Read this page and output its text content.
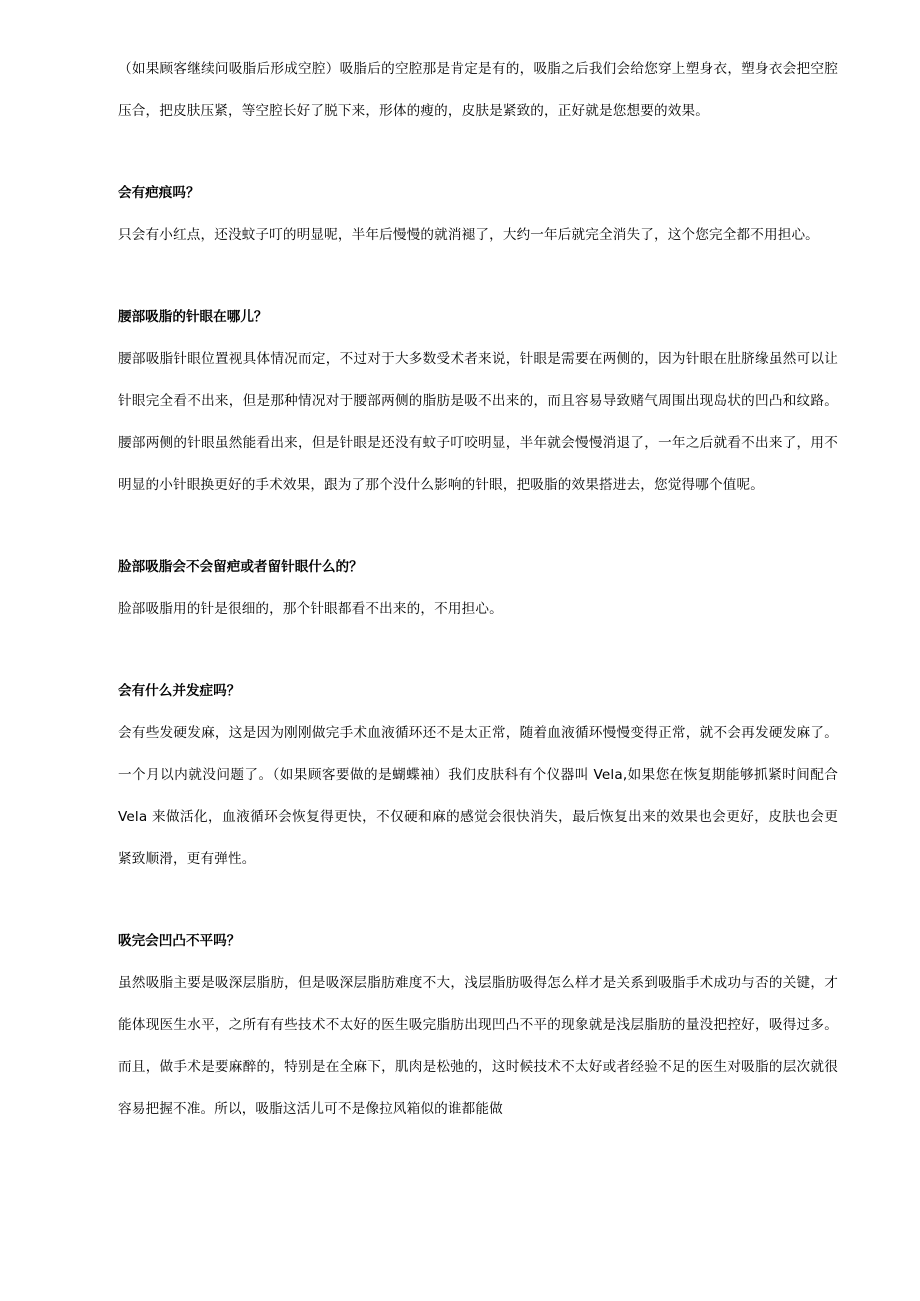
（如果顾客继续问吸脂后形成空腔）吸脂后的空腔那是肯定是有的，吸脂之后我们会给您穿上塑身衣，塑身衣会把空腔压合，把皮肤压紧，等空腔长好了脱下来，形体的瘦的，皮肤是紧致的，正好就是您想要的效果。

会有疤痕吗？

只会有小红点，还没蚊子叮的明显呢，半年后慢慢的就消褪了，大约一年后就完全消失了，这个您完全都不用担心。

腰部吸脂的针眼在哪儿？

腰部吸脂针眼位置视具体情况而定，不过对于大多数受术者来说，针眼是需要在两侧的，因为针眼在肚脐缘虽然可以让针眼完全看不出来，但是那种情况对于腰部两侧的脂肪是吸不出来的，而且容易导致赌气周围出现岛状的凹凸和纹路。腰部两侧的针眼虽然能看出来，但是针眼是还没有蚊子叮咬明显，半年就会慢慢消退了，一年之后就看不出来了，用不明显的小针眼换更好的手术效果，跟为了那个没什么影响的针眼，把吸脂的效果搭进去，您觉得哪个值呢。

脸部吸脂会不会留疤或者留针眼什么的？

脸部吸脂用的针是很细的，那个针眼都看不出来的，不用担心。

会有什么并发症吗？

会有些发硬发麻，这是因为刚刚做完手术血液循环还不是太正常，随着血液循环慢慢变得正常，就不会再发硬发麻了。一个月以内就没问题了。（如果顾客要做的是蝴蝶袖）我们皮肤科有个仪器叫 Vela,如果您在恢复期能够抓紧时间配合 Vela 来做活化，血液循环会恢复得更快，不仅硬和麻的感觉会很快消失，最后恢复出来的效果也会更好，皮肤也会更紧致顺滑，更有弹性。

吸完会凹凸不平吗？

虽然吸脂主要是吸深层脂肪，但是吸深层脂肪难度不大，浅层脂肪吸得怎么样才是关系到吸脂手术成功与否的关键，才能体现医生水平，之所有有些技术不太好的医生吸完脂肪出现凹凸不平的现象就是浅层脂肪的量没把控好，吸得过多。而且，做手术是要麻醉的，特别是在全麻下，肌肉是松弛的，这时候技术不太好或者经验不足的医生对吸脂的层次就很容易把握不准。所以，吸脂这活儿可不是像拉风箱似的谁都能做
